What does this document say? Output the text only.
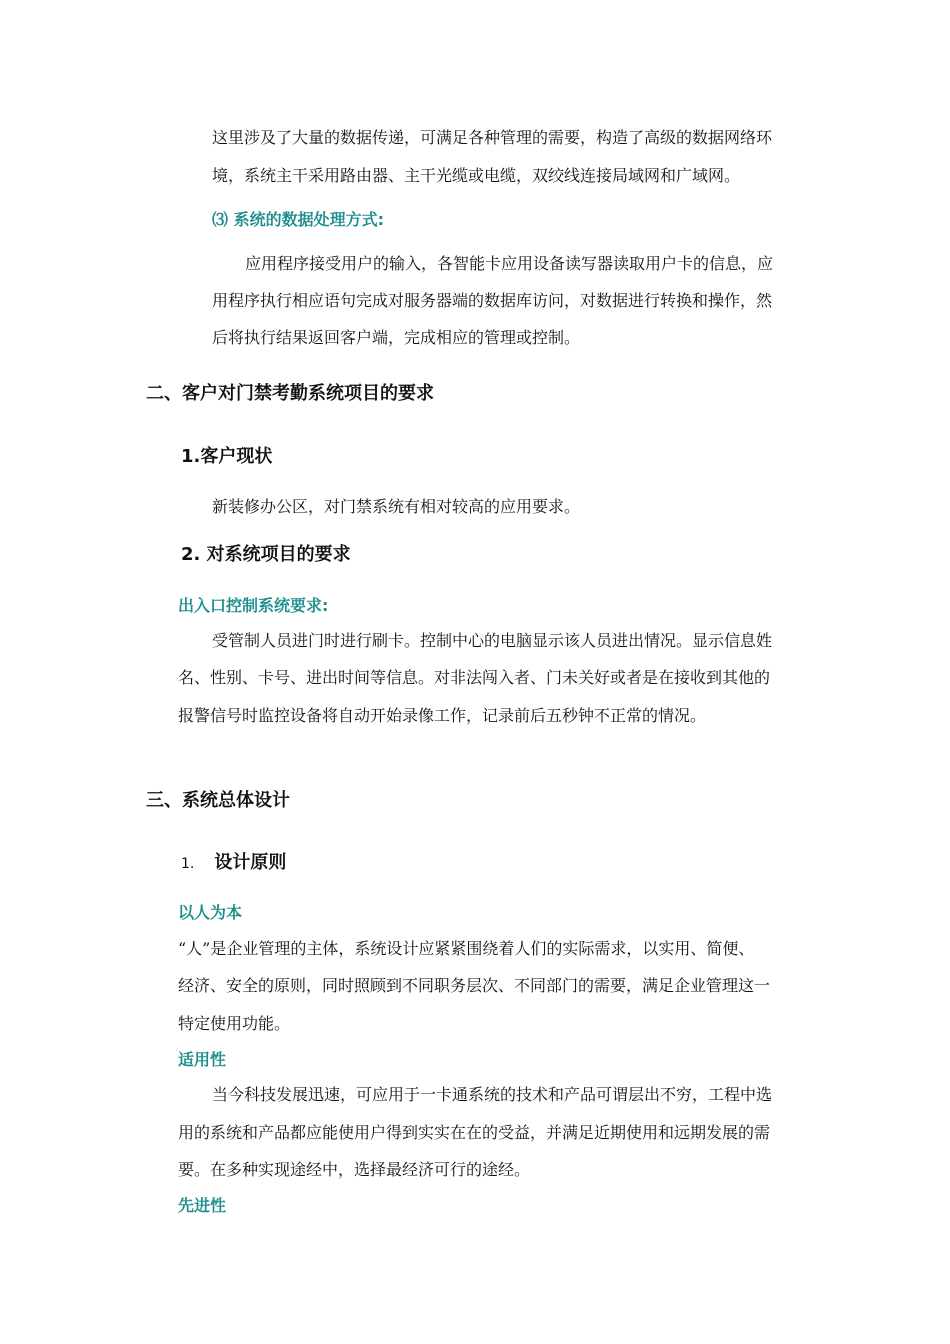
这里涉及了大量的数据传递，可满足各种管理的需要，构造了高级的数据网络环
境，系统主干采用路由器、主干光缆或电缆，双绞线连接局域网和广域网。
⑶ 系统的数据处理方式:
应用程序接受用户的输入，各智能卡应用设备读写器读取用户卡的信息，应
用程序执行相应语句完成对服务器端的数据库访问，对数据进行转换和操作，然
后将执行结果返回客户端，完成相应的管理或控制。
二、客户对门禁考勤系统项目的要求
1.客户现状
新装修办公区，对门禁系统有相对较高的应用要求。
2. 对系统项目的要求
出入口控制系统要求:
受管制人员进门时进行刷卡。控制中心的电脑显示该人员进出情况。显示信息姓
名、性别、卡号、进出时间等信息。对非法闯入者、门未关好或者是在接收到其他的
报警信号时监控设备将自动开始录像工作，记录前后五秒钟不正常的情况。
三、系统总体设计
1. 设计原则
以人为本
“人”是企业管理的主体，系统设计应紧紧围绕着人们的实际需求，以实用、简便、
经济、安全的原则，同时照顾到不同职务层次、不同部门的需要，满足企业管理这一
特定使用功能。
适用性
当今科技发展迅速，可应用于一卡通系统的技术和产品可谓层出不穷，工程中选
用的系统和产品都应能使用户得到实实在在的受益，并满足近期使用和远期发展的需
要。在多种实现途经中，选择最经济可行的途经。
先进性
